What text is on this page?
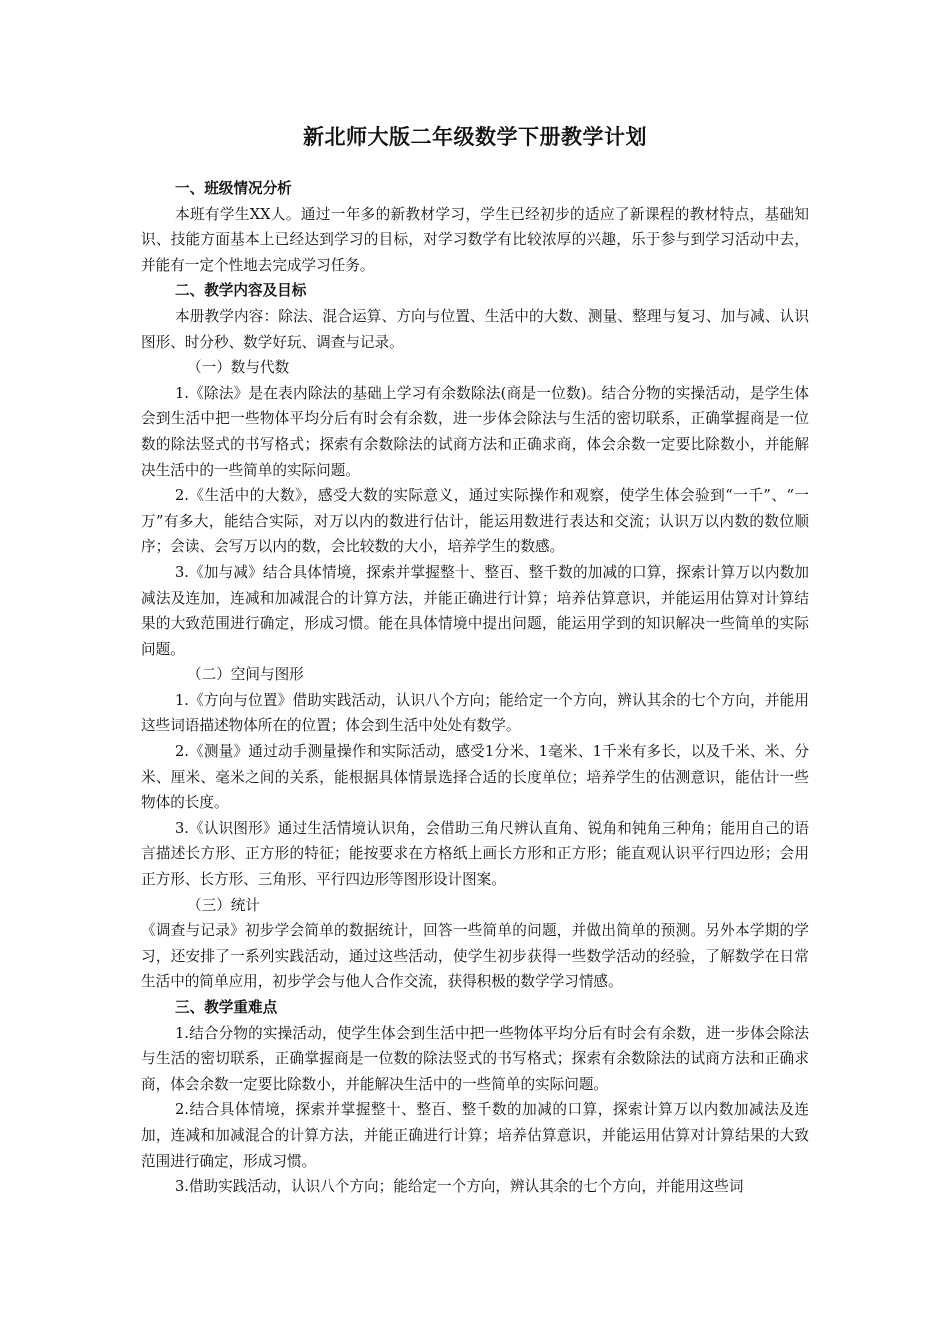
新北师大版二年级数学下册教学计划

一、班级情况分析

本班有学生XX人。通过一年多的新教材学习，学生已经初步的适应了新课程的教材特点，基础知识、技能方面基本上已经达到学习的目标，对学习数学有比较浓厚的兴趣，乐于参与到学习活动中去，并能有一定个性地去完成学习任务。

二、教学内容及目标

本册教学内容：除法、混合运算、方向与位置、生活中的大数、测量、整理与复习、加与减、认识图形、时分秒、数学好玩、调查与记录。

（一）数与代数

1.《除法》是在表内除法的基础上学习有余数除法(商是一位数)。结合分物的实操活动，是学生体会到生活中把一些物体平均分后有时会有余数，进一步体会除法与生活的密切联系，正确掌握商是一位数的除法竖式的书写格式；探索有余数除法的试商方法和正确求商，体会余数一定要比除数小，并能解决生活中的一些简单的实际问题。

2.《生活中的大数》，感受大数的实际意义，通过实际操作和观察，使学生体会验到“一千”、“一万”有多大，能结合实际，对万以内的数进行估计，能运用数进行表达和交流；认识万以内数的数位顺序；会读、会写万以内的数，会比较数的大小，培养学生的数感。

3.《加与减》结合具体情境，探索并掌握整十、整百、整千数的加减的口算，探索计算万以内数加减法及连加，连减和加减混合的计算方法，并能正确进行计算；培养估算意识，并能运用估算对计算结果的大致范围进行确定，形成习惯。能在具体情境中提出问题，能运用学到的知识解决一些简单的实际问题。

（二）空间与图形

1.《方向与位置》借助实践活动，认识八个方向；能给定一个方向，辨认其余的七个方向，并能用这些词语描述物体所在的位置；体会到生活中处处有数学。

2.《测量》通过动手测量操作和实际活动，感受1分米、1毫米、1千米有多长，以及千米、米、分米、厘米、毫米之间的关系，能根据具体情景选择合适的长度单位；培养学生的估测意识，能估计一些物体的长度。

3.《认识图形》通过生活情境认识角，会借助三角尺辨认直角、锐角和钝角三种角；能用自己的语言描述长方形、正方形的特征；能按要求在方格纸上画长方形和正方形；能直观认识平行四边形；会用正方形、长方形、三角形、平行四边形等图形设计图案。

（三）统计

《调查与记录》初步学会简单的数据统计，回答一些简单的问题，并做出简单的预测。另外本学期的学习，还安排了一系列实践活动，通过这些活动，使学生初步获得一些数学活动的经验，了解数学在日常生活中的简单应用，初步学会与他人合作交流，获得积极的数学学习情感。

三、教学重难点

1.结合分物的实操活动，使学生体会到生活中把一些物体平均分后有时会有余数，进一步体会除法与生活的密切联系，正确掌握商是一位数的除法竖式的书写格式；探索有余数除法的试商方法和正确求商，体会余数一定要比除数小，并能解决生活中的一些简单的实际问题。

2.结合具体情境，探索并掌握整十、整百、整千数的加减的口算，探索计算万以内数加减法及连加，连减和加减混合的计算方法，并能正确进行计算；培养估算意识，并能运用估算对计算结果的大致范围进行确定，形成习惯。

3.借助实践活动，认识八个方向；能给定一个方向，辨认其余的七个方向，并能用这些词
